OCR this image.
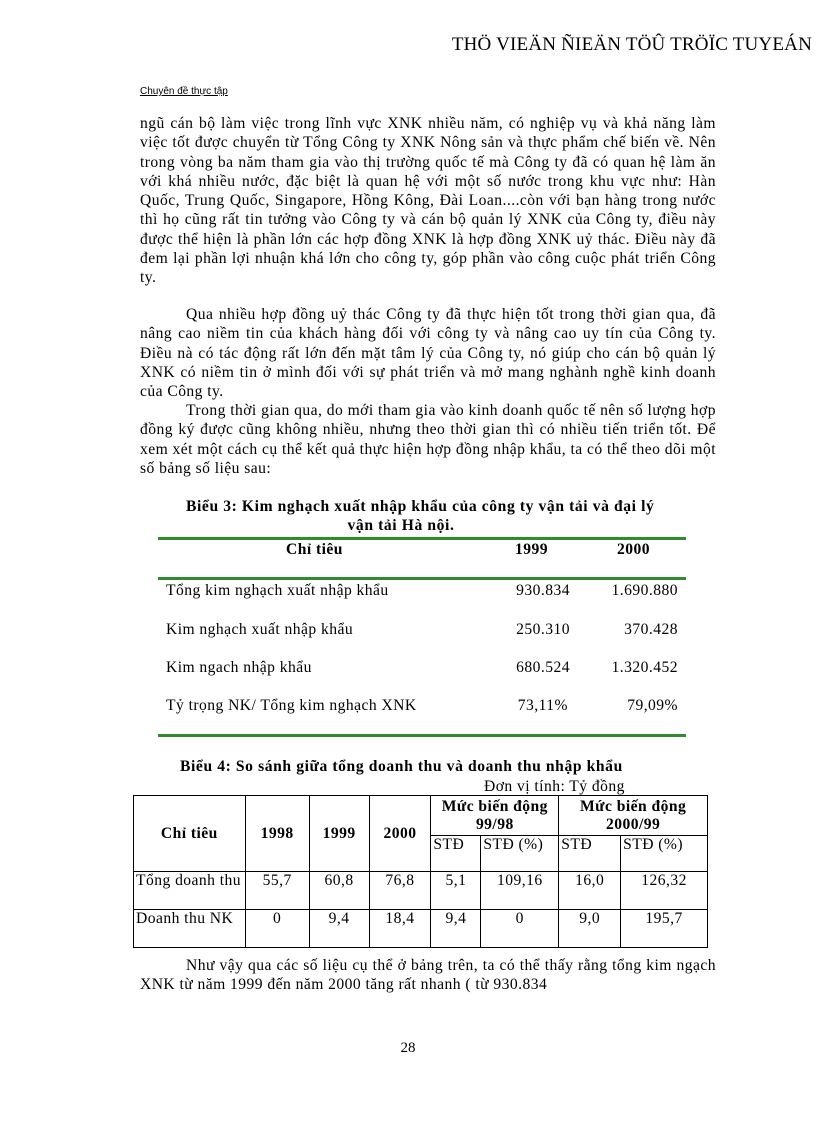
THÖ VIEÄN ÑIEÄN TÖÛ TRÖÏC TUYEÁN
Chuyên đề thực tập

ngũ cán bộ làm việc trong lĩnh vực XNK nhiều năm, có nghiệp vụ và khả năng làm việc tốt được chuyển từ Tổng Công ty XNK Nông sản và thực phẩm chế biến về. Nên trong vòng ba năm tham gia vào thị trường quốc tế mà Công ty đã có quan hệ làm ăn với khá nhiều nước, đặc biệt là quan hệ với một số nước trong khu vực như: Hàn Quốc, Trung Quốc, Singapore, Hồng Kông, Đài Loan....còn với bạn hàng trong nước thì họ cũng rất tin tưởng vào Công ty và cán bộ quản lý XNK của Công ty, điều này được thể hiện là phần lớn các hợp đồng XNK là hợp đồng XNK uỷ thác. Điều này đã đem lại phần lợi nhuận khá lớn cho công ty, góp phần vào công cuộc phát triển Công ty.

Qua nhiều hợp đồng uỷ thác Công ty đã thực hiện tốt trong thời gian qua, đã nâng cao niềm tin của khách hàng đối với công ty và nâng cao uy tín của Công ty. Điều nà có tác động rất lớn đến mặt tâm lý của Công ty, nó giúp cho cán bộ quản lý XNK có niềm tin ở mình đối với sự phát triển và mở mang nghành nghề kinh doanh của Công ty.

Trong thời gian qua, do mới tham gia vào kinh doanh quốc tế nên số lượng hợp đồng ký được cũng không nhiều, nhưng theo thời gian thì có nhiều tiến triển tốt. Để xem xét một cách cụ thể kết quả thực hiện hợp đồng nhập khẩu, ta có thể theo dõi một số bảng số liệu sau:

Biểu 3: Kim nghạch xuất nhập khẩu của công ty vận tải và đại lý
vận tải Hà nội.
Chỉ tiêu	1999	2000
Tổng kim nghạch xuất nhập khẩu	930.834	1.690.880
Kim nghạch xuất nhập khẩu	250.310	370.428
Kim ngach nhập khẩu	680.524	1.320.452
Tỷ trọng NK/ Tổng kim nghạch XNK	73,11%	79,09%
Biểu 4: So sánh giữa tổng doanh thu và doanh thu nhập khẩu
Đơn vị tính: Tỷ đồng
Chỉ tiêu	1998	1999	2000	Mức biến động 99/98		Mức biến động 2000/99	
				STĐ	STĐ (%)	STĐ	STĐ (%)
Tổng doanh thu	55,7	60,8	76,8	5,1	109,16	16,0	126,32
Doanh thu NK	0	9,4	18,4	9,4	0	9,0	195,7

Như vậy qua các số liệu cụ thể ở bảng trên, ta có thể thấy rằng tổng kim ngạch XNK từ năm 1999 đến năm 2000 tăng rất nhanh ( từ 930.834

28
